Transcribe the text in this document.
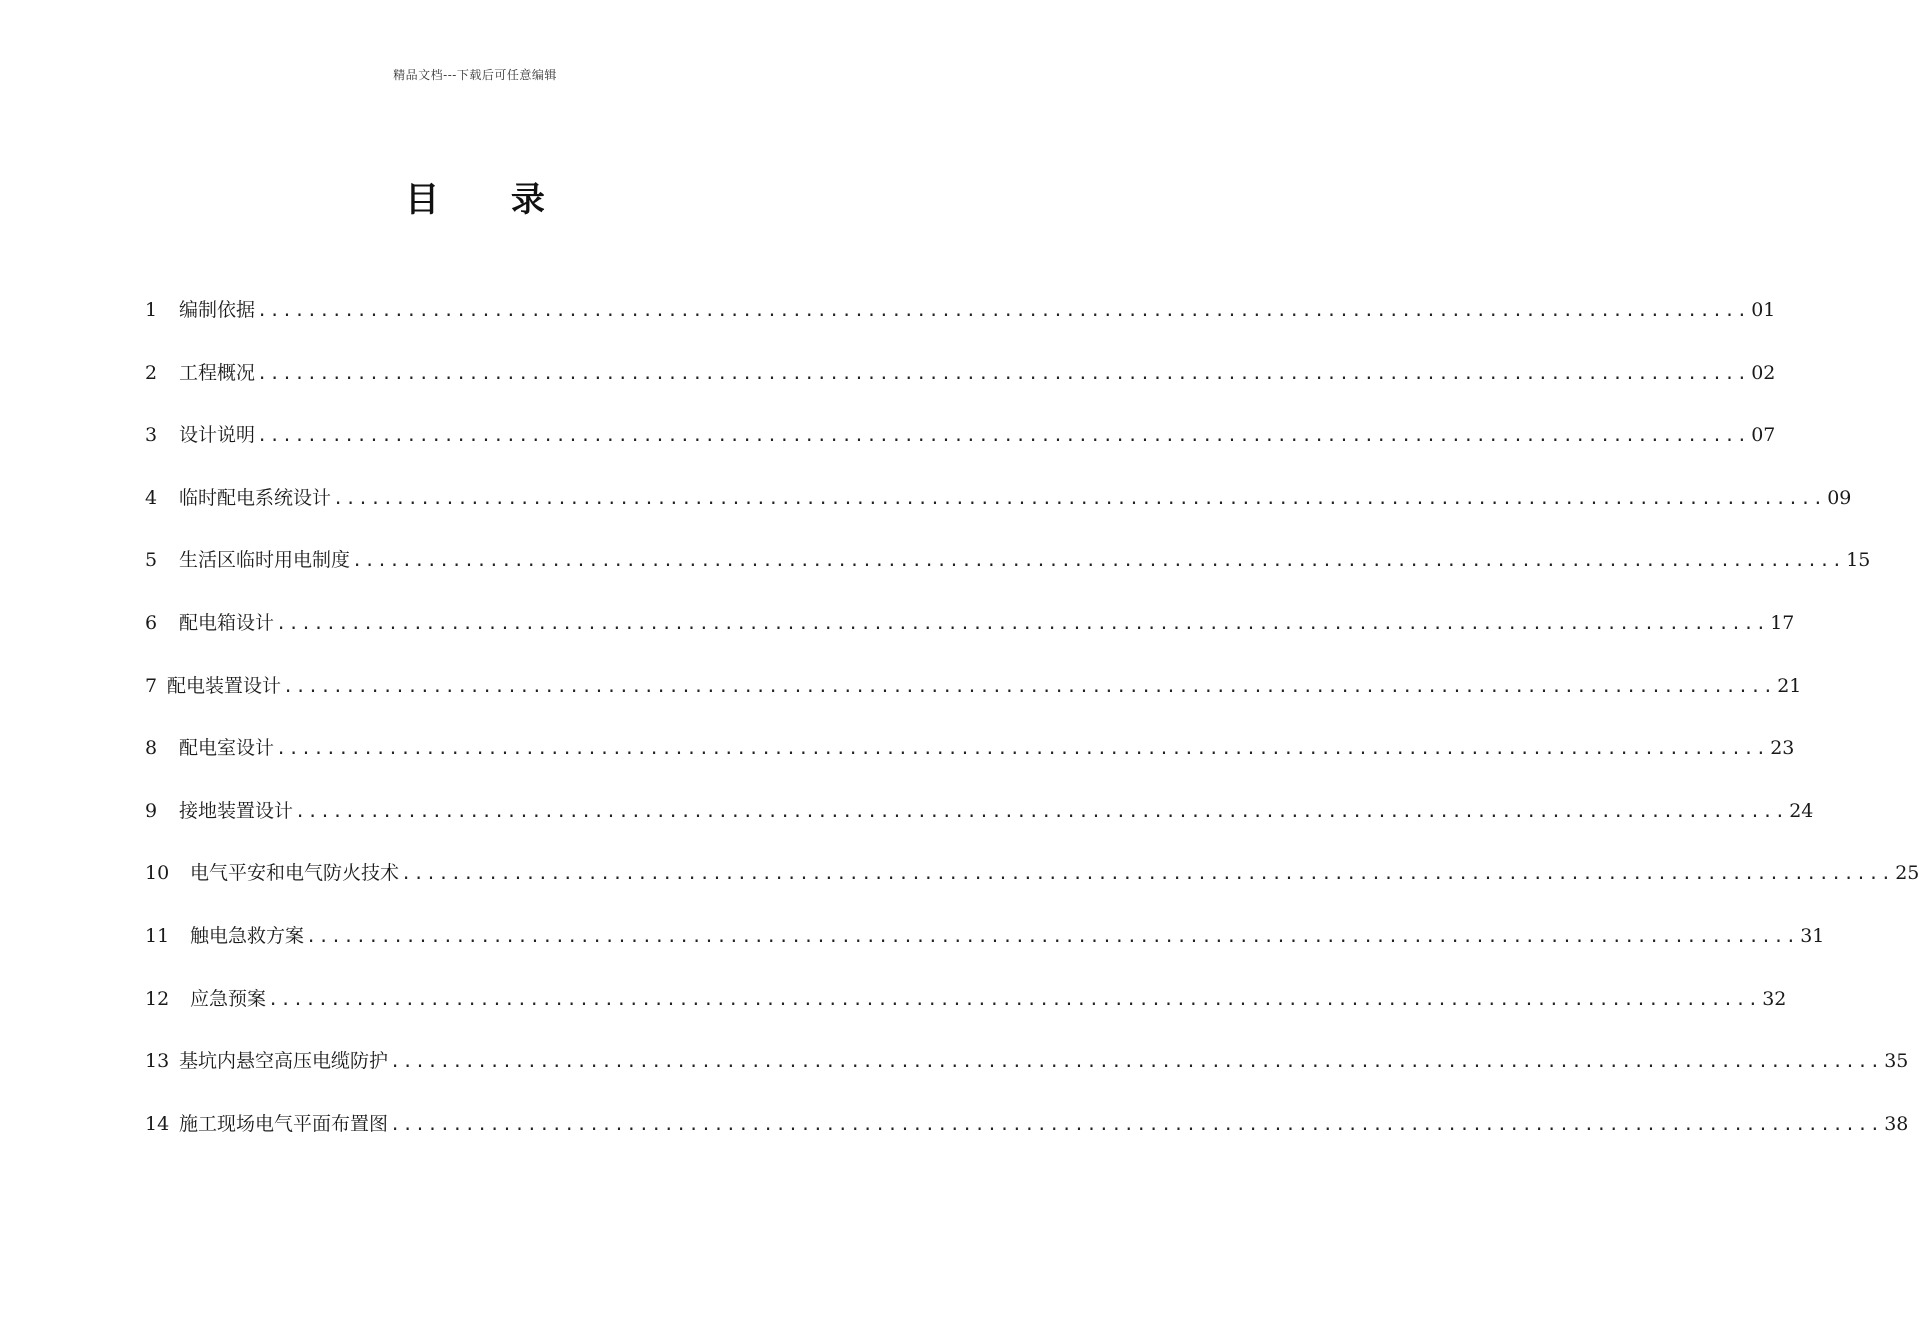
精品文档---下载后可任意编辑
目 录
1	编制依据 ........................................................................................................................ 01
2	工程概况 ........................................................................................................................ 02
3	设计说明 ........................................................................................................................ 07
4	临时配电系统设计 ........................................................................................................................ 09
5	生活区临时用电制度 ........................................................................................................................ 15
6	配电箱设计 ........................................................................................................................ 17
7 配电装置设计 ........................................................................................................................ 21
8	配电室设计 ........................................................................................................................ 23
9	接地装置设计 ........................................................................................................................ 24
10	电气平安和电气防火技术 ........................................................................................................................ 25
11	触电急救方案 ........................................................................................................................ 31
12	应急预案 ........................................................................................................................ 32
13 基坑内悬空高压电缆防护 ........................................................................................................................ 35
14 施工现场电气平面布置图 ........................................................................................................................ 38
